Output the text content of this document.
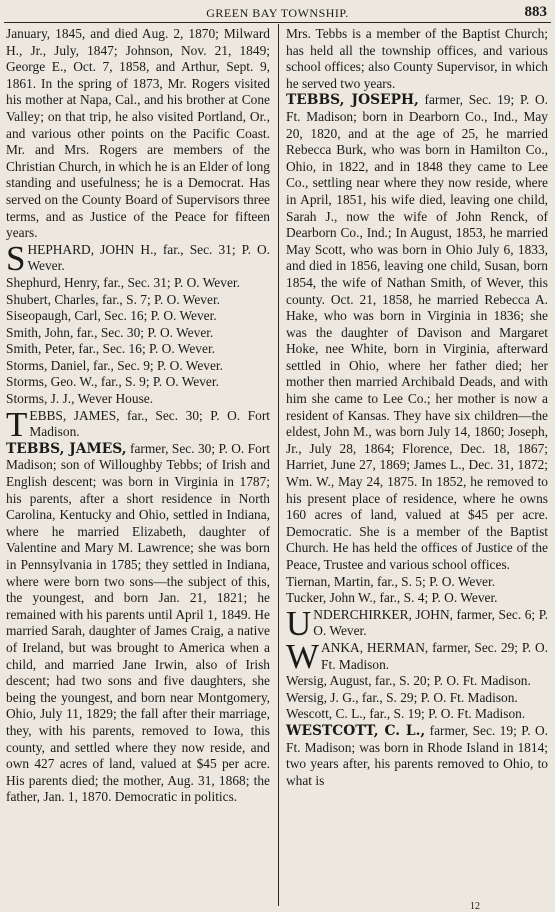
GREEN BAY TOWNSHIP.	883

January, 1845, and died Aug. 2, 1870; Milward H., Jr., July, 1847; Johnson, Nov. 21, 1849; George E., Oct. 7, 1858, and Arthur, Sept. 9, 1861. In the spring of 1873, Mr. Rogers visited his mother at Napa, Cal., and his brother at Cone Valley; on that trip, he also visited Portland, Or., and various other points on the Pacific Coast. Mr. and Mrs. Rogers are members of the Christian Church, in which he is an Elder of long standing and usefulness; he is a Democrat. Has served on the County Board of Supervisors three terms, and as Justice of the Peace for fifteen years.

SHEPHARD, JOHN H., far., Sec. 31; P. O. Wever.

Shephurd, Henry, far., Sec. 31; P. O. Wever.

Shubert, Charles, far., S. 7; P. O. Wever.

Siseopaugh, Carl, Sec. 16; P. O. Wever.

Smith, John, far., Sec. 30; P. O. Wever.

Smith, Peter, far., Sec. 16; P. O. Wever.

Storms, Daniel, far., Sec. 9; P. O. Wever.

Storms, Geo. W., far., S. 9; P. O. Wever.

Storms, J. J., Wever House.

TEBBS, JAMES, far., Sec. 30; P. O. Fort Madison.

TEBBS, JAMES, farmer, Sec. 30; P. O. Fort Madison; son of Willoughby Tebbs; of Irish and English descent; was born in Virginia in 1787; his parents, after a short residence in North Carolina, Kentucky and Ohio, settled in Indiana, where he married Elizabeth, daughter of Valentine and Mary M. Lawrence; she was born in Pennsylvania in 1785; they settled in Indiana, where were born two sons—the subject of this, the youngest, and born Jan. 21, 1821; he remained with his parents until April 1, 1849. He married Sarah, daughter of James Craig, a native of Ireland, but was brought to America when a child, and married Jane Irwin, also of Irish descent; had two sons and five daughters, she being the youngest, and born near Montgomery, Ohio, July 11, 1829; the fall after their marriage, they, with his parents, removed to Iowa, this county, and settled where they now reside, and own 427 acres of land, valued at $45 per acre. His parents died; the mother, Aug. 31, 1868; the father, Jan. 1, 1870. Democratic in politics.

Mrs. Tebbs is a member of the Baptist Church; has held all the township offices, and various school offices; also County Supervisor, in which he served two years.

TEBBS, JOSEPH, farmer, Sec. 19; P. O. Ft. Madison; born in Dearborn Co., Ind., May 20, 1820, and at the age of 25, he married Rebecca Burk, who was born in Hamilton Co., Ohio, in 1822, and in 1848 they came to Lee Co., settling near where they now reside, where in April, 1851, his wife died, leaving one child, Sarah J., now the wife of John Renck, of Dearborn Co., Ind.; In August, 1853, he married May Scott, who was born in Ohio July 6, 1833, and died in 1856, leaving one child, Susan, born 1854, the wife of Nathan Smith, of Wever, this county. Oct. 21, 1858, he married Rebecca A. Hake, who was born in Virginia in 1836; she was the daughter of Davison and Margaret Hoke, nee White, born in Virginia, afterward settled in Ohio, where her father died; her mother then married Archibald Deads, and with him she came to Lee Co.; her mother is now a resident of Kansas. They have six children—the eldest, John M., was born July 14, 1860; Joseph, Jr., July 28, 1864; Florence, Dec. 18, 1867; Harriet, June 27, 1869; James L., Dec. 31, 1872; Wm. W., May 24, 1875. In 1852, he removed to his present place of residence, where he owns 160 acres of land, valued at $45 per acre. Democratic. She is a member of the Baptist Church. He has held the offices of Justice of the Peace, Trustee and various school offices.

Tiernan, Martin, far., S. 5; P. O. Wever.

Tucker, John W., far., S. 4; P. O. Wever.

UNDERCHIRKER, JOHN, farmer, Sec. 6; P. O. Wever.

WANKA, HERMAN, farmer, Sec. 29; P. O. Ft. Madison.

Wersig, August, far., S. 20; P. O. Ft. Madison.

Wersig, J. G., far., S. 29; P. O. Ft. Madison.

Wescott, C. L., far., S. 19; P. O. Ft. Madison.

WESTCOTT, C. L., farmer, Sec. 19; P. O. Ft. Madison; was born in Rhode Island in 1814; two years after, his parents removed to Ohio, to what is

12
